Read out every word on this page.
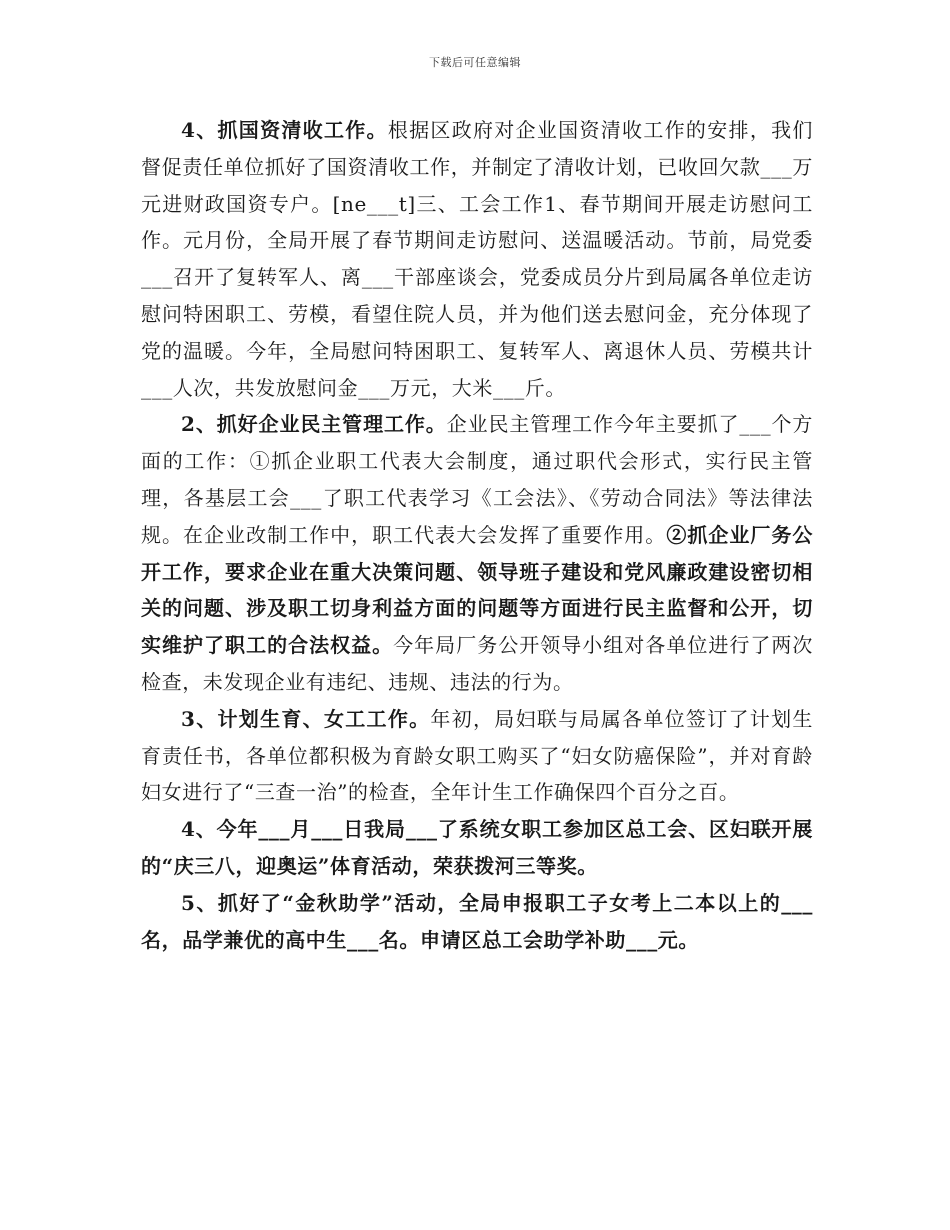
下载后可任意编辑

4、抓国资清收工作。根据区政府对企业国资清收工作的安排，我们督促责任单位抓好了国资清收工作，并制定了清收计划，已收回欠款___万元进财政国资专户。[ne___t]三、工会工作1、春节期间开展走访慰问工作。元月份，全局开展了春节期间走访慰问、送温暖活动。节前，局党委___召开了复转军人、离___干部座谈会，党委成员分片到局属各单位走访慰问特困职工、劳模，看望住院人员，并为他们送去慰问金，充分体现了党的温暖。今年，全局慰问特困职工、复转军人、离退休人员、劳模共计___人次，共发放慰问金___万元，大米___斤。

2、抓好企业民主管理工作。企业民主管理工作今年主要抓了___个方面的工作：①抓企业职工代表大会制度，通过职代会形式，实行民主管理，各基层工会___了职工代表学习《工会法》、《劳动合同法》等法律法规。在企业改制工作中，职工代表大会发挥了重要作用。②抓企业厂务公开工作，要求企业在重大决策问题、领导班子建设和党风廉政建设密切相关的问题、涉及职工切身利益方面的问题等方面进行民主监督和公开，切实维护了职工的合法权益。今年局厂务公开领导小组对各单位进行了两次检查，未发现企业有违纪、违规、违法的行为。

3、计划生育、女工工作。年初，局妇联与局属各单位签订了计划生育责任书，各单位都积极为育龄女职工购买了“妇女防癌保险”，并对育龄妇女进行了“三查一治”的检查，全年计生工作确保四个百分之百。

4、今年___月___日我局___了系统女职工参加区总工会、区妇联开展的“庆三八，迎奥运”体育活动，荣获拨河三等奖。

5、抓好了“金秋助学”活动，全局申报职工子女考上二本以上的___名，品学兼优的高中生___名。申请区总工会助学补助___元。
